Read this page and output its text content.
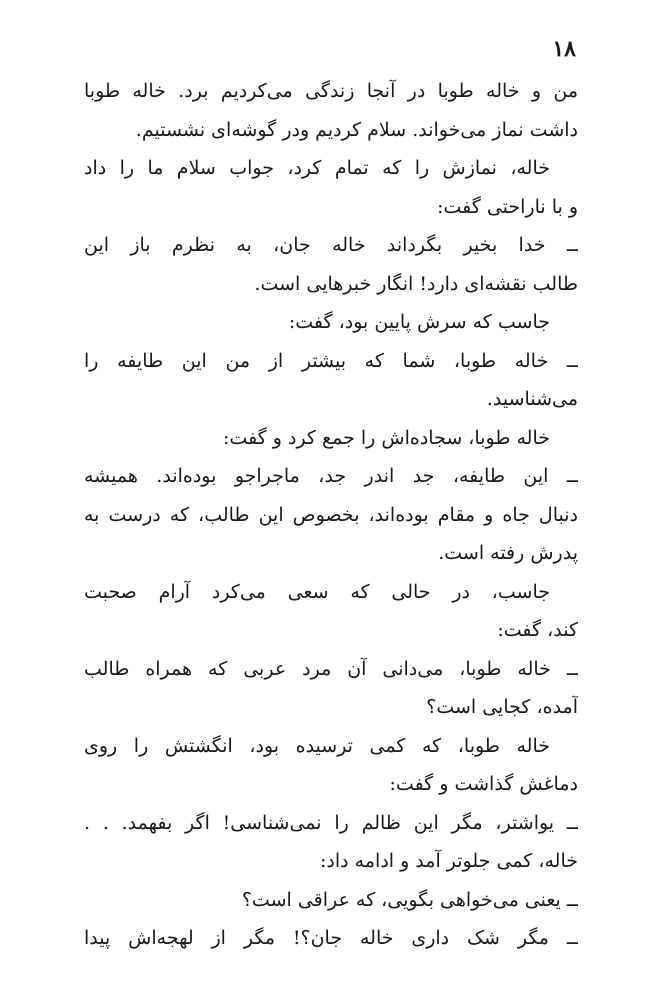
۱۸
من و خاله طوبا در آنجا زندگی می‌کردیم برد. خاله طوبا
داشت نماز می‌خواند. سلام کردیم ودر گوشه‌ای نشستیم.
خاله، نمازش را که تمام کرد، جواب سلام ما را داد
و با ناراحتی گفت:
ــ خدا بخیر بگرداند خاله جان، به نظرم باز این
طالب نقشه‌ای دارد! انگار خبرهایی است.
جاسب که سرش پایین بود، گفت:
ــ خاله طوبا، شما که بیشتر از من این طایفه را
می‌شناسید.
خاله طوبا، سجاده‌اش را جمع کرد و گفت:
ــ این طایفه، جد اندر جد، ماجراجو بوده‌اند. همیشه
دنبال جاه و مقام بوده‌اند، بخصوص این طالب، که درست به
پدرش رفته است.
جاسب، در حالی که سعی می‌کرد آرام صحبت
کند، گفت:
ــ خاله طوبا، می‌دانی آن مرد عربی که همراه طالب
آمده، کجایی است؟
خاله طوبا، که کمی ترسیده بود، انگشتش را روی
دماغش گذاشت و گفت:
ــ یواشتر، مگر این ظالم را نمی‌شناسی! اگر بفهمد. . .
خاله، کمی جلوتر آمد و ادامه داد:
ــ یعنی می‌خواهی بگویی، که عراقی است؟
ــ مگر شک داری خاله جان؟! مگر از لهجه‌اش پیدا
